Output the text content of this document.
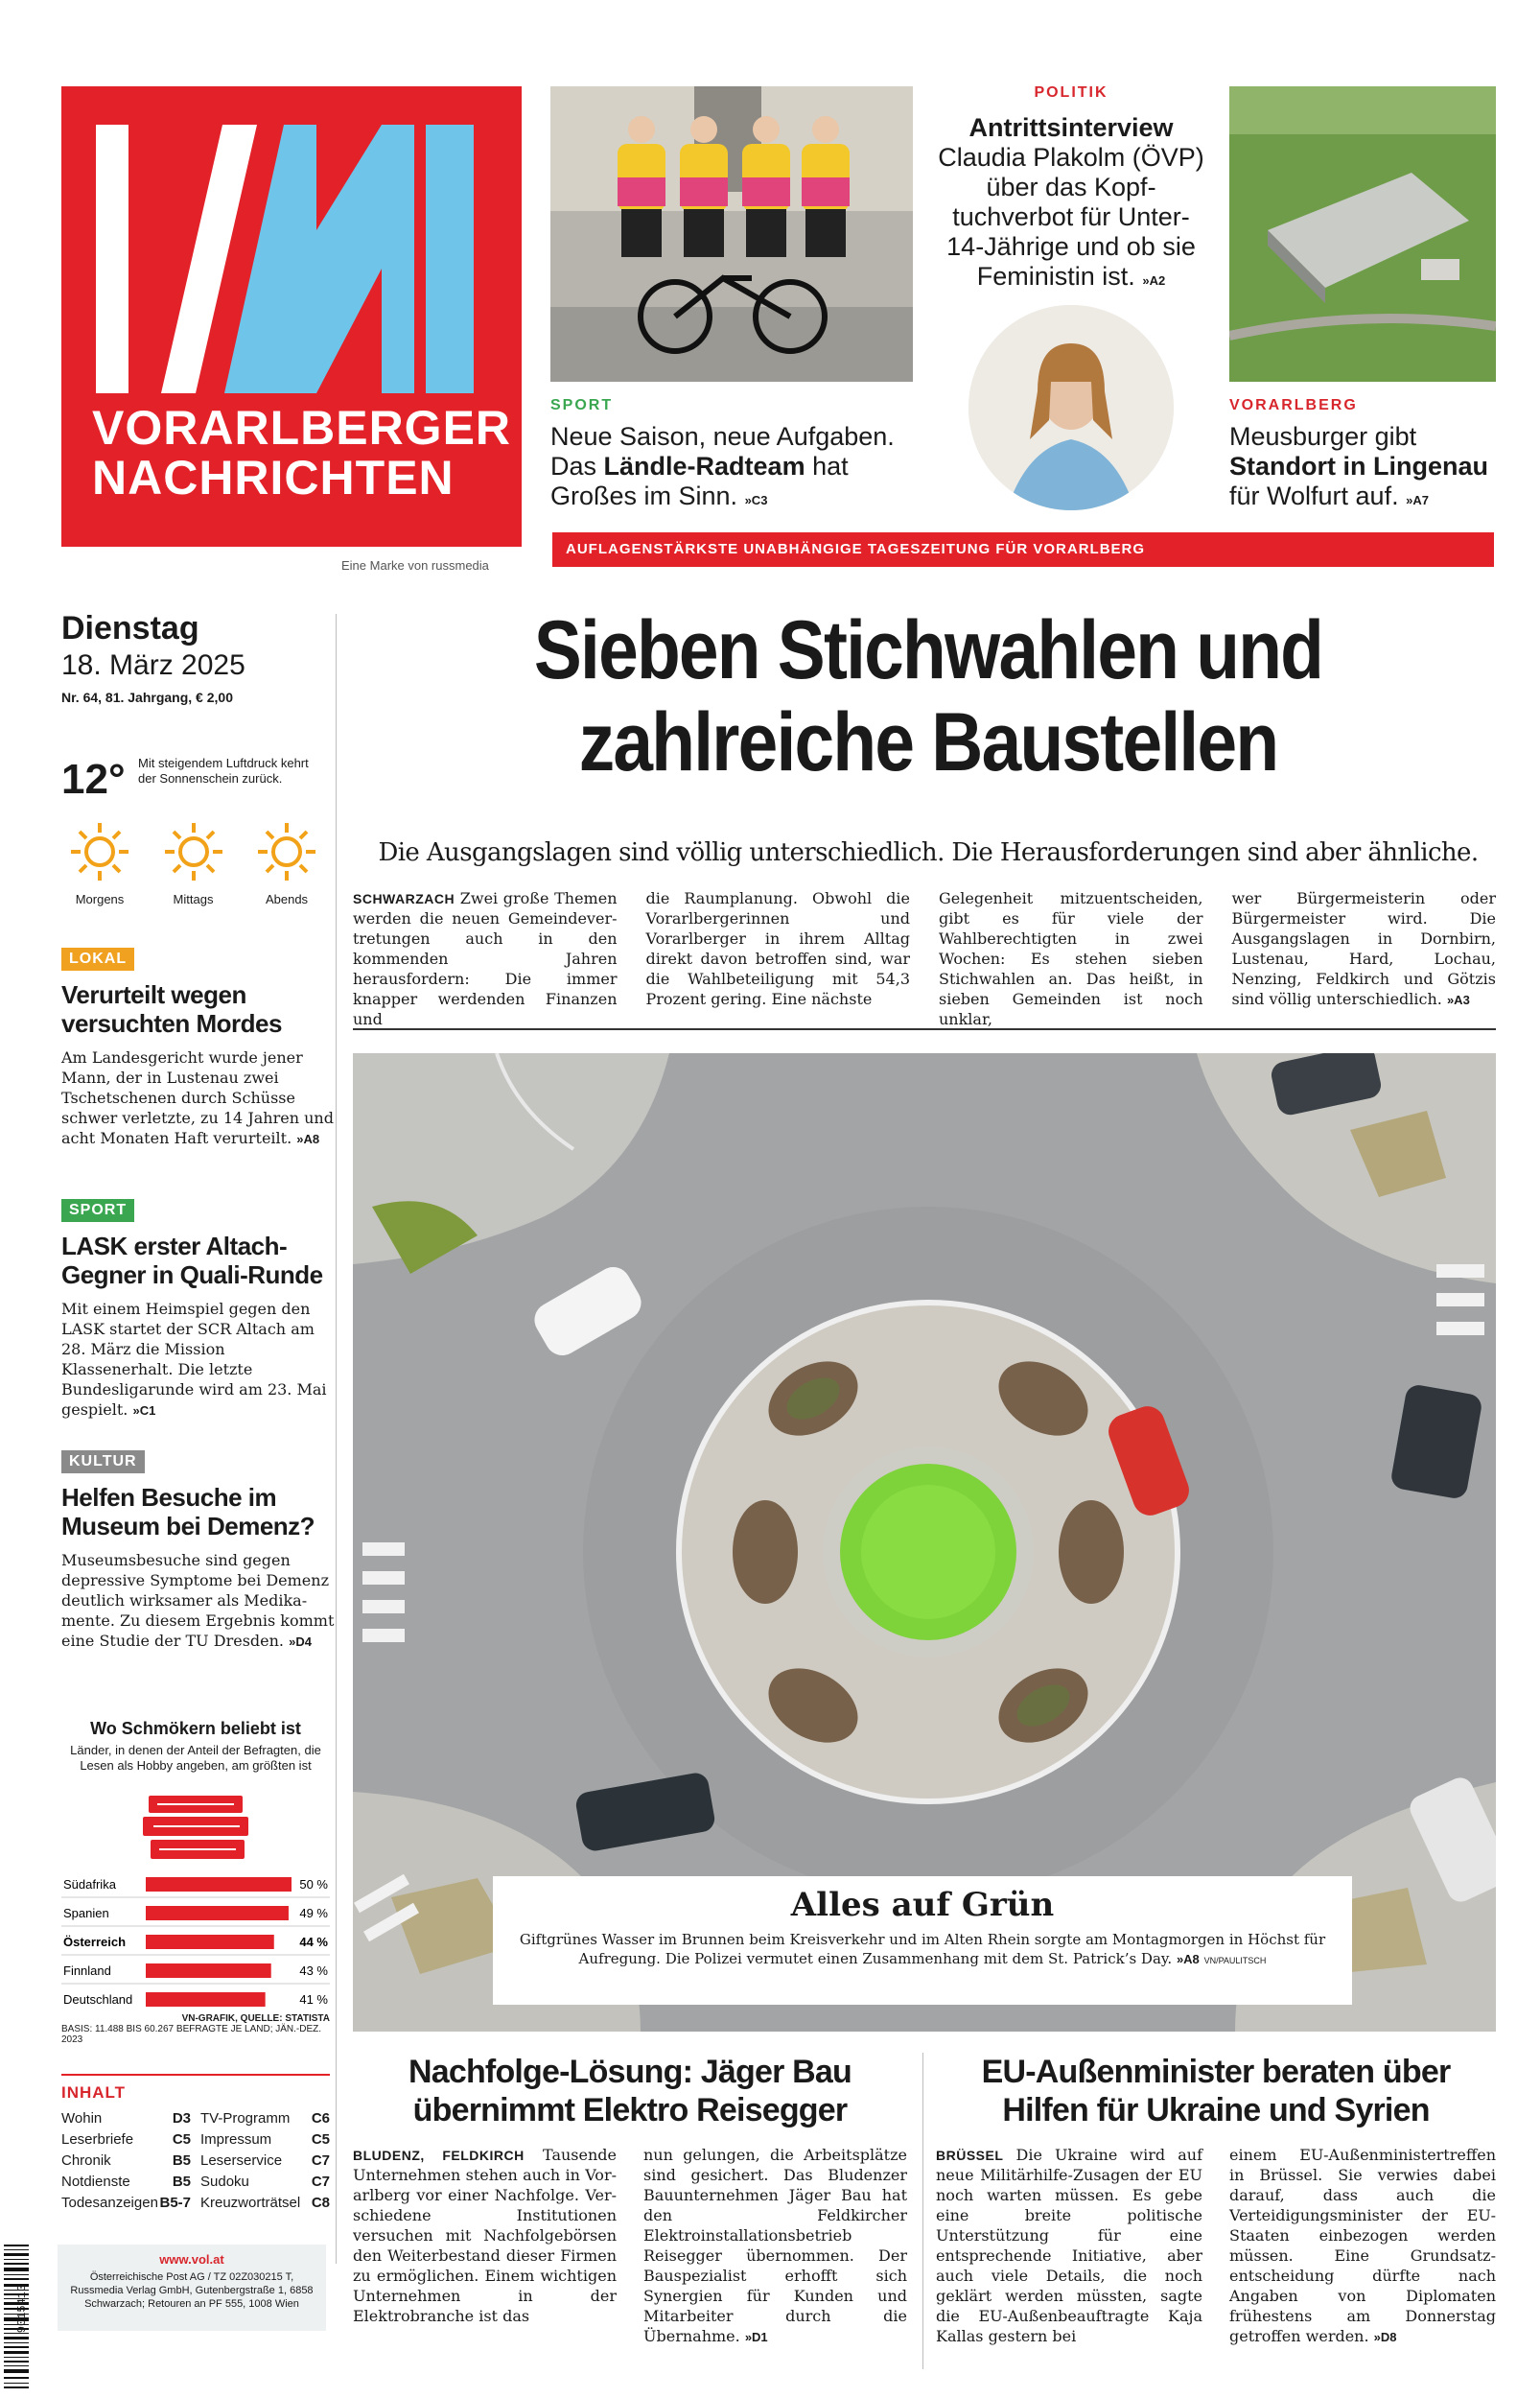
VORARLBERGER
NACHRICHTEN
Eine Marke von russmedia
SPORT
Neue Saison, neue Aufgaben. Das Ländle-Radteam hat Großes im Sinn. »C3
POLITIK
Antrittsinterview
Claudia Plakolm (ÖVP) über das Kopftuchverbot für Unter-14-Jährige und ob sie Feministin ist. »A2
VORARLBERG
Meusburger gibt Standort in Lingenau für Wolfurt auf. »A7
AUFLAGENSTÄRKSTE UNABHÄNGIGE TAGESZEITUNG FÜR VORARLBERG
Dienstag
18. März 2025
Nr. 64, 81. Jahrgang, € 2,00
12°	Mit steigendem Luftdruck kehrt der Sonnenschein zurück.
Morgens	Mittags	Abends
LOKAL
Verurteilt wegen versuchten Mordes
Am Landesgericht wurde jener Mann, der in Lustenau zwei Tschetschenen durch Schüsse schwer verletzte, zu 14 Jahren und acht Monaten Haft verurteilt. »A8
SPORT
LASK erster Altach-Gegner in Quali-Runde
Mit einem Heimspiel gegen den LASK startet der SCR Altach am 28. März die Mission Klassenerhalt. Die letzte Bundesligarunde wird am 23. Mai gespielt. »C1
KULTUR
Helfen Besuche im Museum bei Demenz?
Museumsbesuche sind gegen depressive Symptome bei Demenz deutlich wirksamer als Medikamente. Zu diesem Ergebnis kommt eine Studie der TU Dresden. »D4
Wo Schmökern beliebt ist
Länder, in denen der Anteil der Befragten, die Lesen als Hobby angeben, am größten ist
Südafrika	50 %
Spanien	49 %
Österreich	44 %
Finnland	43 %
Deutschland	41 %
VN-GRAFIK, QUELLE: STATISTA
BASIS: 11.488 BIS 60.267 BEFRAGTE JE LAND; JÄN.-DEZ. 2023
INHALT
Wohin	D3
Leserbriefe	C5
Chronik	B5
Notdienste	B5
Todesanzeigen	B5-7
TV-Programm	C6
Impressum	C5
Leserservice	C7
Sudoku	C7
Kreuzworträtsel	C8
9015413
www.vol.at
Österreichische Post AG / TZ 02Z030215 T, Russmedia Verlag GmbH, Gutenbergstraße 1, 6858 Schwarzach; Retouren an PF 555, 1008 Wien
Sieben Stichwahlen und
zahlreiche Baustellen
Die Ausgangslagen sind völlig unterschiedlich. Die Herausforderungen sind aber ähnliche.
SCHWARZACH Zwei große Themen werden die neuen Gemeindevertretungen auch in den kommenden Jahren herausfordern: Die immer knapper werdenden Finanzen und
die Raumplanung. Obwohl die Vorarlbergerinnen und Vorarlberger in ihrem Alltag direkt davon betroffen sind, war die Wahlbeteiligung mit 54,3 Prozent gering. Eine nächste
Gelegenheit mitzuentscheiden, gibt es für viele der Wahlberechtigten in zwei Wochen: Es stehen sieben Stichwahlen an. Das heißt, in sieben Gemeinden ist noch unklar,
wer Bürgermeisterin oder Bürgermeister wird. Die Ausgangslagen in Dornbirn, Lustenau, Hard, Lochau, Nenzing, Feldkirch und Götzis sind völlig unterschiedlich. »A3
Alles auf Grün
Giftgrünes Wasser im Brunnen beim Kreisverkehr und im Alten Rhein sorgte am Montagmorgen in Höchst für Aufregung. Die Polizei vermutet einen Zusammenhang mit dem St. Patrick’s Day. »A8 VN/PAULITSCH
Nachfolge-Lösung: Jäger Bau
übernimmt Elektro Reisegger
BLUDENZ, FELDKIRCH Tausende Unternehmen stehen auch in Vorarlberg vor einer Nachfolge. Verschiedene Institutionen versuchen mit Nachfolgebörsen den Weiterbestand dieser Firmen zu ermöglichen. Einem wichtigen Unternehmen in der Elektrobranche ist das
nun gelungen, die Arbeitsplätze sind gesichert. Das Bludenzer Bauunternehmen Jäger Bau hat den Feldkircher Elektroinstallationsbetrieb Reisegger übernommen. Der Bauspezialist erhofft sich Synergien für Kunden und Mitarbeiter durch die Übernahme. »D1
EU-Außenminister beraten über
Hilfen für Ukraine und Syrien
BRÜSSEL Die Ukraine wird auf neue Militärhilfe-Zusagen der EU noch warten müssen. Es gebe eine breite politische Unterstützung für eine entsprechende Initiative, aber auch viele Details, die noch geklärt werden müssten, sagte die EU-Außenbeauftragte Kaja Kallas gestern bei
einem EU-Außenministertreffen in Brüssel. Sie verwies dabei darauf, dass auch die Verteidigungsminister der EU-Staaten einbezogen werden müssen. Eine Grundsatzentscheidung dürfte nach Angaben von Diplomaten frühestens am Donnerstag getroffen werden. »D8
